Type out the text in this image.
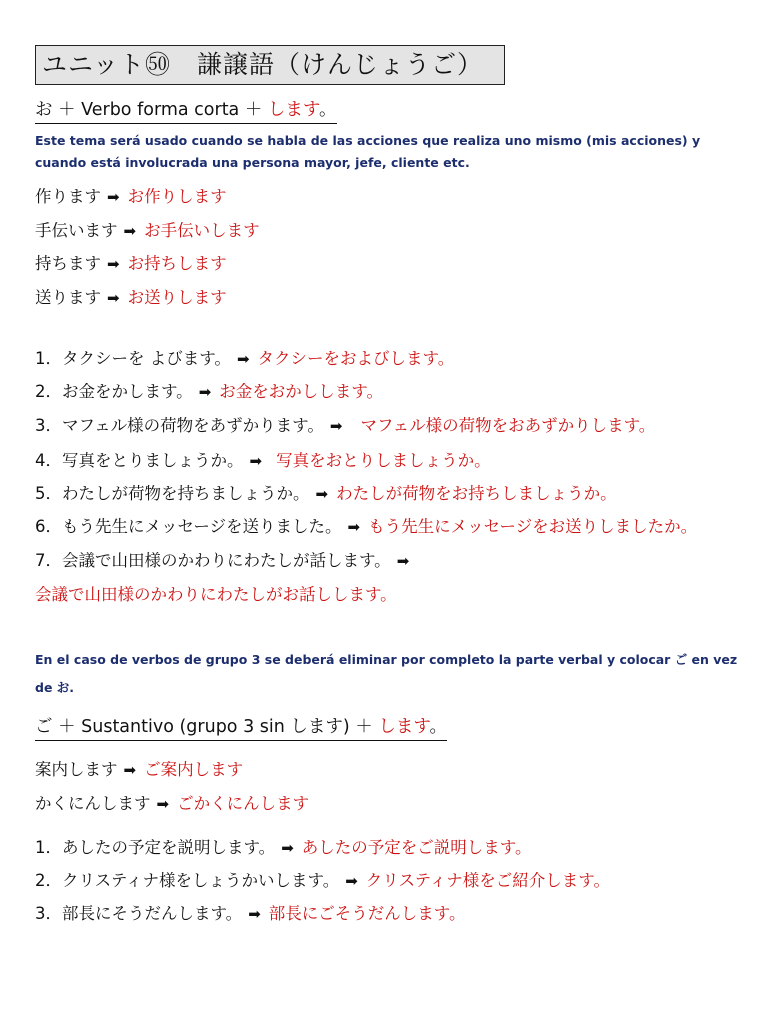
ユニット㊿　謙譲語（けんじょうご）
お ＋ Verbo forma corta ＋ します。
Este tema será usado cuando se habla de las acciones que realiza uno mismo (mis acciones) y cuando está involucrada una persona mayor, jefe, cliente etc.
作ります ➡ お作りします
手伝います ➡ お手伝いします
持ちます ➡ お持ちします
送ります ➡ お送りします
1．タクシーを よびます。 ➡ タクシーをおよびします。
2．お金をかします。 ➡ お金をおかしします。
3．マフェル様の荷物をあずかります。 ➡ マフェル様の荷物をおあずかりします。
4．写真をとりましょうか。 ➡ 写真をおとりしましょうか。
5．わたしが荷物を持ちましょうか。 ➡ わたしが荷物をお持ちしましょうか。
6．もう先生にメッセージを送りました。 ➡ もう先生にメッセージをお送りしましたか。
7．会議で山田様のかわりにわたしが話します。 ➡
会議で山田様のかわりにわたしがお話しします。
En el caso de verbos de grupo 3 se deberá eliminar por completo la parte verbal y colocar ご en vez de お.
ご ＋ Sustantivo (grupo 3 sin します) ＋ します。
案内します ➡ ご案内します
かくにんします ➡ ごかくにんします
1．あしたの予定を説明します。 ➡ あしたの予定をご説明します。
2．クリスティナ様をしょうかいします。 ➡ クリスティナ様をご紹介します。
3．部長にそうだんします。 ➡ 部長にごそうだんします。
